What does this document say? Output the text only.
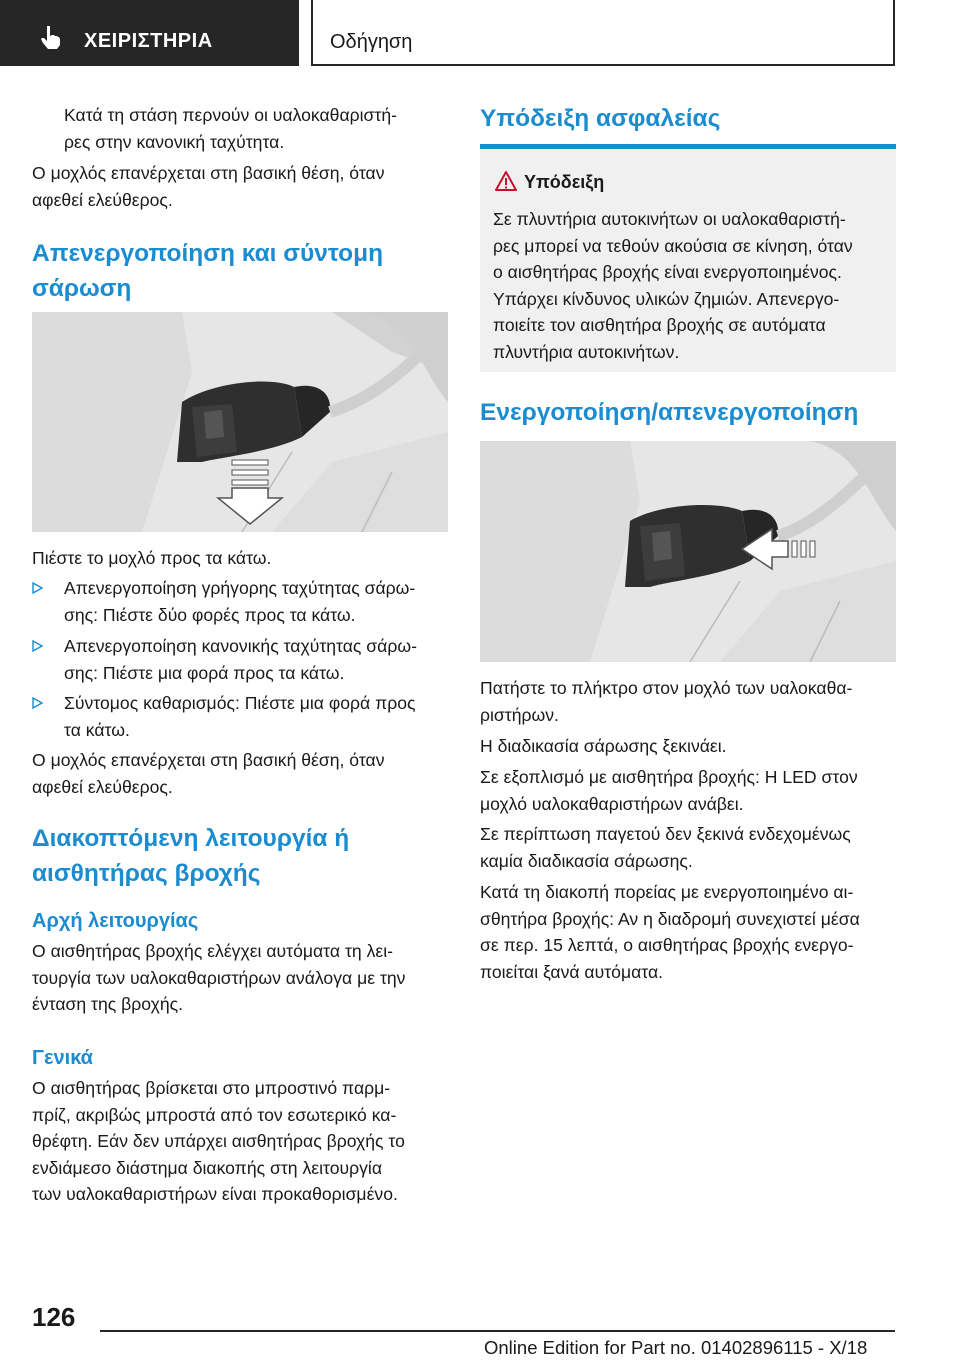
ΧΕΙΡΙΣΤΗΡΙΑ	Οδήγηση
Κατά τη στάση περνούν οι υαλοκαθαριστή-
ρες στην κανονική ταχύτητα.
Ο μοχλός επανέρχεται στη βασική θέση, όταν
αφεθεί ελεύθερος.
Απενεργοποίηση και σύντομη
σάρωση
Πιέστε το μοχλό προς τα κάτω.
Απενεργοποίηση γρήγορης ταχύτητας σάρω-
σης: Πιέστε δύο φορές προς τα κάτω.
Απενεργοποίηση κανονικής ταχύτητας σάρω-
σης: Πιέστε μια φορά προς τα κάτω.
Σύντομος καθαρισμός: Πιέστε μια φορά προς
τα κάτω.
Ο μοχλός επανέρχεται στη βασική θέση, όταν
αφεθεί ελεύθερος.
Διακοπτόμενη λειτουργία ή
αισθητήρας βροχής
Αρχή λειτουργίας
Ο αισθητήρας βροχής ελέγχει αυτόματα τη λει-
τουργία των υαλοκαθαριστήρων ανάλογα με την
ένταση της βροχής.
Γενικά
Ο αισθητήρας βρίσκεται στο μπροστινό παρμ-
πρίζ, ακριβώς μπροστά από τον εσωτερικό κα-
θρέφτη. Εάν δεν υπάρχει αισθητήρας βροχής το
ενδιάμεσο διάστημα διακοπής στη λειτουργία
των υαλοκαθαριστήρων είναι προκαθορισμένο.
Υπόδειξη ασφαλείας
Υπόδειξη
Σε πλυντήρια αυτοκινήτων οι υαλοκαθαριστή-
ρες μπορεί να τεθούν ακούσια σε κίνηση, όταν
ο αισθητήρας βροχής είναι ενεργοποιημένος.
Υπάρχει κίνδυνος υλικών ζημιών. Απενεργο-
ποιείτε τον αισθητήρα βροχής σε αυτόματα
πλυντήρια αυτοκινήτων.
Ενεργοποίηση/απενεργοποίηση
Πατήστε το πλήκτρο στον μοχλό των υαλοκαθα-
ριστήρων.
Η διαδικασία σάρωσης ξεκινάει.
Σε εξοπλισμό με αισθητήρα βροχής: Η LED στον
μοχλό υαλοκαθαριστήρων ανάβει.
Σε περίπτωση παγετού δεν ξεκινά ενδεχομένως
καμία διαδικασία σάρωσης.
Κατά τη διακοπή πορείας με ενεργοποιημένο αι-
σθητήρα βροχής: Αν η διαδρομή συνεχιστεί μέσα
σε περ. 15 λεπτά, ο αισθητήρας βροχής ενεργο-
ποιείται ξανά αυτόματα.
126
Online Edition for Part no. 01402896115 - X/18
